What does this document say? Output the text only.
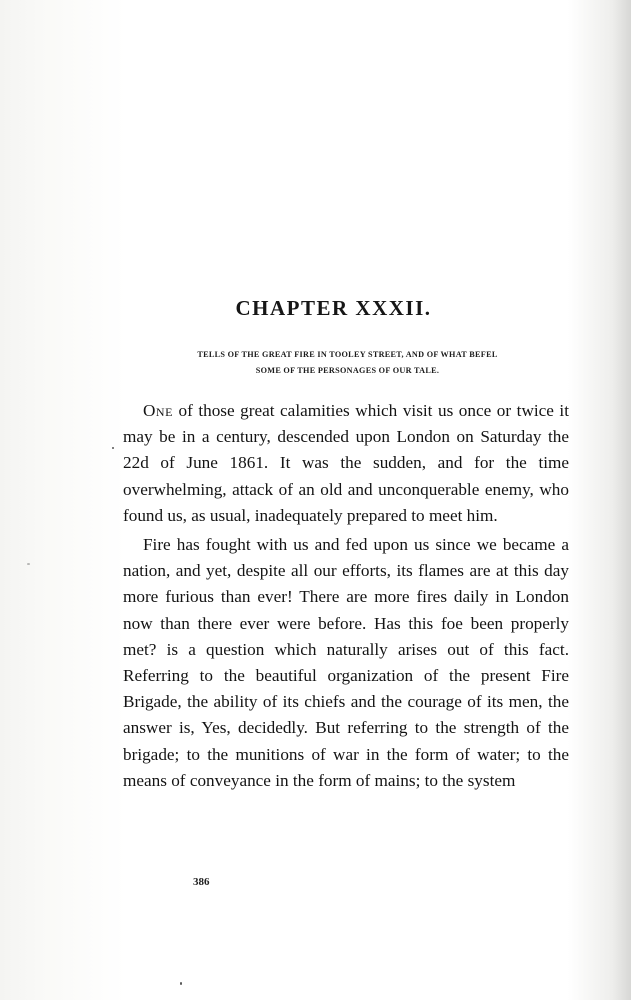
CHAPTER XXXII.
TELLS OF THE GREAT FIRE IN TOOLEY STREET, AND OF WHAT BEFEL
SOME OF THE PERSONAGES OF OUR TALE.

One of those great calamities which visit us once or twice it may be in a century, descended upon London on Saturday the 22d of June 1861. It was the sudden, and for the time overwhelming, attack of an old and unconquerable enemy, who found us, as usual, inadequately prepared to meet him.

Fire has fought with us and fed upon us since we became a nation, and yet, despite all our efforts, its flames are at this day more furious than ever! There are more fires daily in London now than there ever were before. Has this foe been properly met? is a question which naturally arises out of this fact. Referring to the beautiful organization of the present Fire Brigade, the ability of its chiefs and the courage of its men, the answer is, Yes, decidedly. But referring to the strength of the brigade; to the munitions of war in the form of water; to the means of conveyance in the form of mains; to the system

386
